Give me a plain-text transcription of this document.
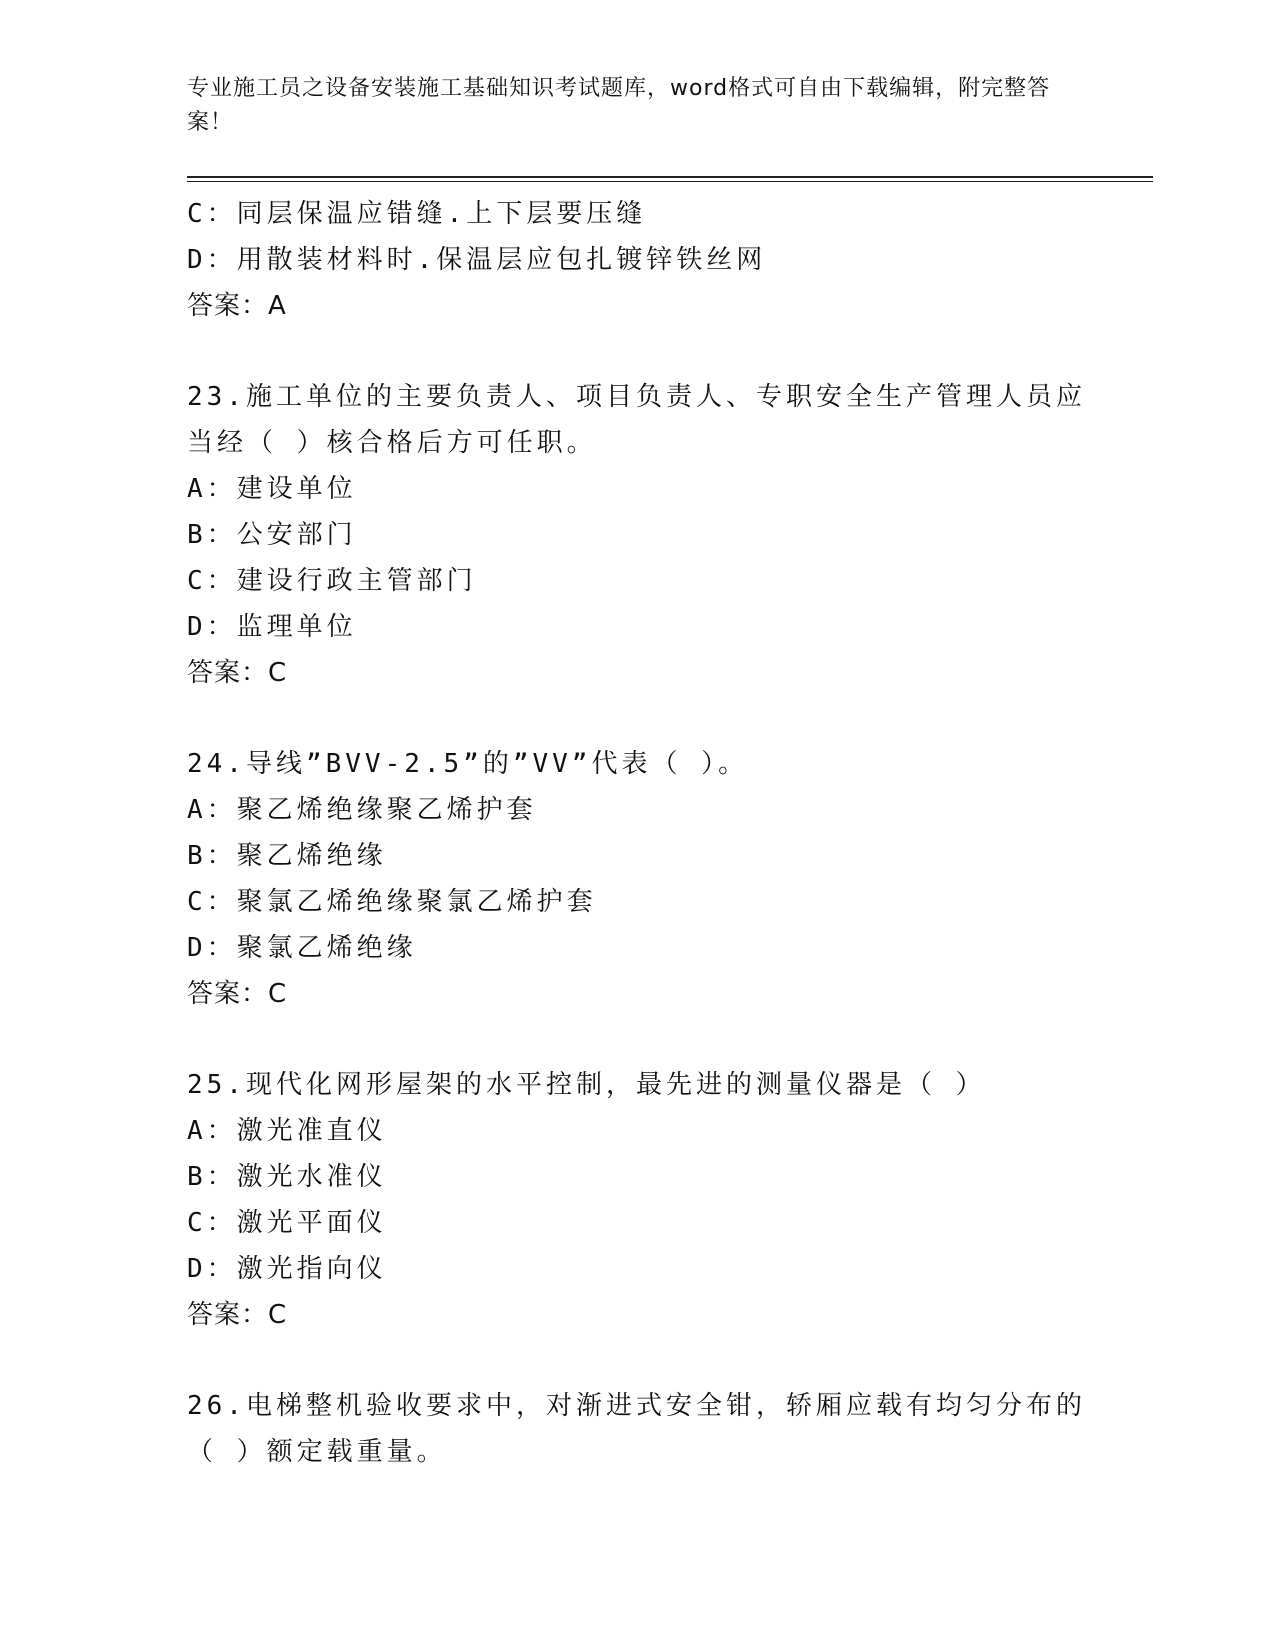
专业施工员之设备安装施工基础知识考试题库，word格式可自由下载编辑，附完整答案！
C：同层保温应错缝.上下层要压缝
D：用散装材料时.保温层应包扎镀锌铁丝网
答案：A
23.施工单位的主要负责人、项目负责人、专职安全生产管理人员应当经（ ）核合格后方可任职。
A：建设单位
B：公安部门
C：建设行政主管部门
D：监理单位
答案：C
24.导线”BVV-2.5”的”VV”代表（ ）。
A：聚乙烯绝缘聚乙烯护套
B：聚乙烯绝缘
C：聚氯乙烯绝缘聚氯乙烯护套
D：聚氯乙烯绝缘
答案：C
25.现代化网形屋架的水平控制，最先进的测量仪器是（ ）
A：激光准直仪
B：激光水准仪
C：激光平面仪
D：激光指向仪
答案：C
26.电梯整机验收要求中，对渐进式安全钳，轿厢应载有均匀分布的（ ）额定载重量。
